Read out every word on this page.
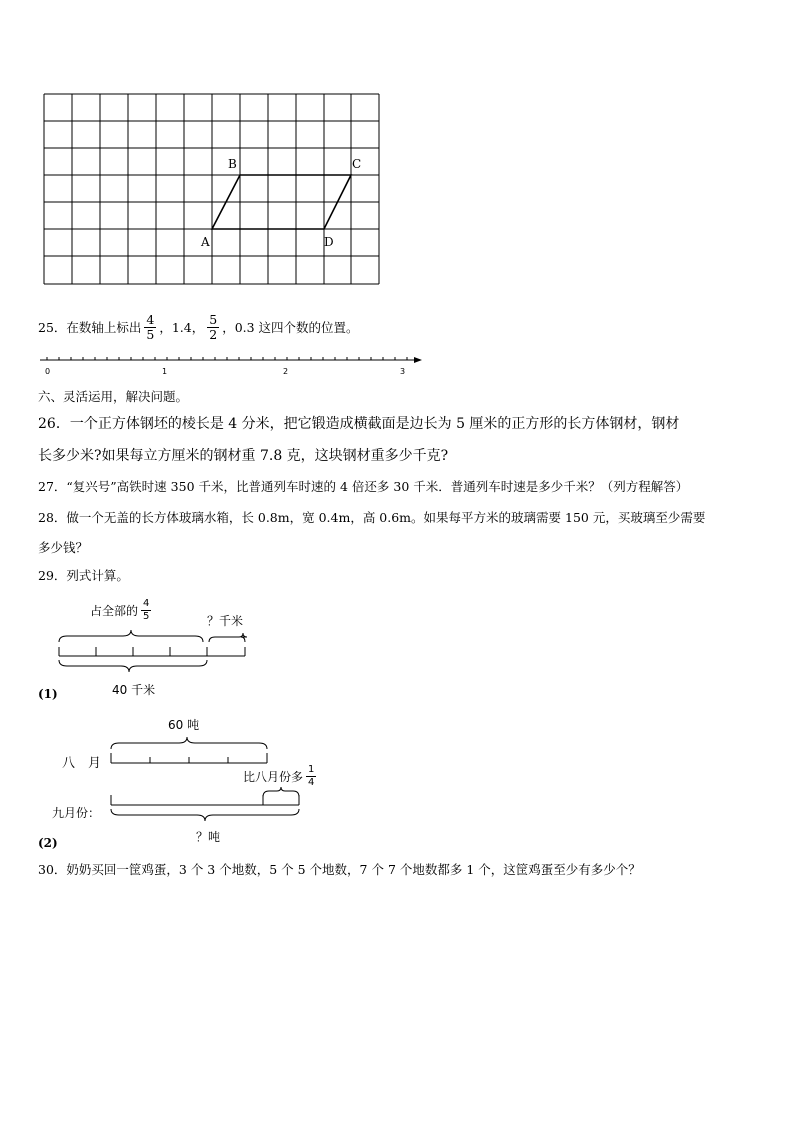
B	C
A	D
25．在数轴上标出 $\frac{4}{5}$ ，1.4， $\frac{5}{2}$ ，0.3 这四个数的位置。
0	1	2	3
六、灵活运用，解决问题。
26．一个正方体钢坯的棱长是 4 分米，把它锻造成横截面是边长为 5 厘米的正方形的长方体钢材，钢材
长多少米?如果每立方厘米的钢材重 7.8 克，这块钢材重多少千克?
27．“复兴号”高铁时速 350 千米，比普通列车时速的 4 倍还多 30 千米．普通列车时速是多少千米？（列方程解答）
28．做一个无盖的长方体玻璃水箱，长 0.8m，宽 0.4m，高 0.6m。如果每平方米的玻璃需要 150 元，买玻璃至少需要
多少钱？
29．列式计算。
占全部的 $\frac{4}{5}$	？千米
40 千米
(1)
60 吨
八　月
比八月份多 $\frac{1}{4}$
九月份：
？吨
(2)
30．奶奶买回一筐鸡蛋，3 个 3 个地数，5 个 5 个地数，7 个 7 个地数都多 1 个，这筐鸡蛋至少有多少个？
